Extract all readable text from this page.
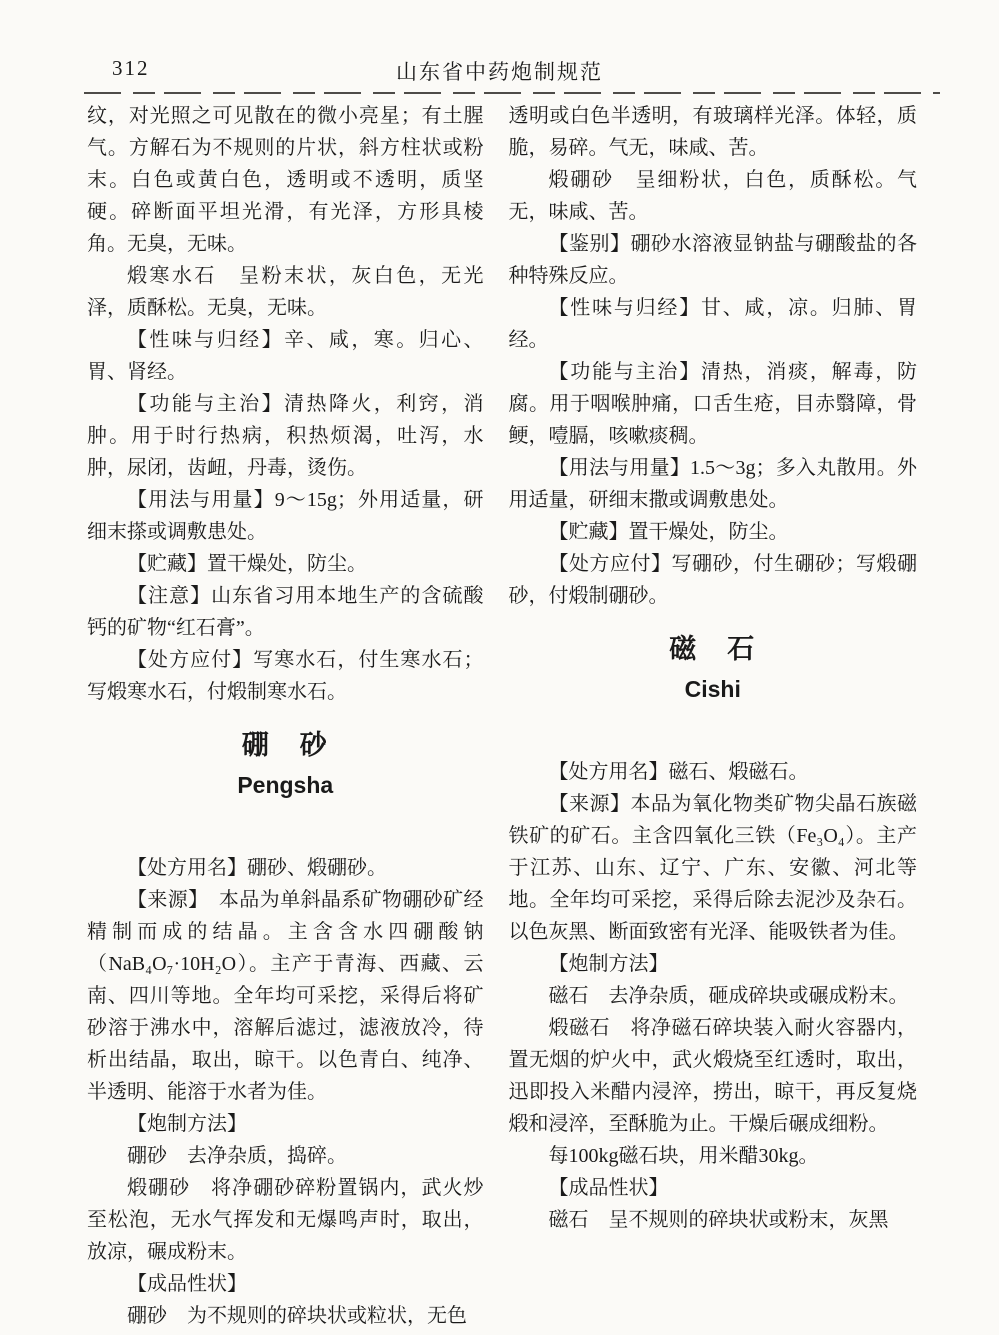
312	山东省中药炮制规范
纹，对光照之可见散在的微小亮星；有土腥气。方解石为不规则的片状，斜方柱状或粉末。白色或黄白色，透明或不透明，质坚硬。碎断面平坦光滑，有光泽，方形具棱角。无臭，无味。
煅寒水石　呈粉末状，灰白色，无光泽，质酥松。无臭，无味。
【性味与归经】辛、咸，寒。归心、胃、肾经。
【功能与主治】清热降火，利窍，消肿。用于时行热病，积热烦渴，吐泻，水肿，尿闭，齿衄，丹毒，烫伤。
【用法与用量】9～15g；外用适量，研细末搽或调敷患处。
【贮藏】置干燥处，防尘。
【注意】山东省习用本地生产的含硫酸钙的矿物“红石膏”。
【处方应付】写寒水石，付生寒水石；写煅寒水石，付煅制寒水石。
硼　砂
Pengsha
【处方用名】硼砂、煅硼砂。
【来源】　本品为单斜晶系矿物硼砂矿经精制而成的结晶。主含含水四硼酸钠（NaB₄O₇·10H₂O）。主产于青海、西藏、云南、四川等地。全年均可采挖，采得后将矿砂溶于沸水中，溶解后滤过，滤液放冷，待析出结晶，取出，晾干。以色青白、纯净、半透明、能溶于水者为佳。
【炮制方法】
硼砂　去净杂质，捣碎。
煅硼砂　将净硼砂碎粉置锅内，武火炒至松泡，无水气挥发和无爆鸣声时，取出，放凉，碾成粉末。
【成品性状】
硼砂　为不规则的碎块状或粒状，无色
透明或白色半透明，有玻璃样光泽。体轻，质脆，易碎。气无，味咸、苦。
煅硼砂　呈细粉状，白色，质酥松。气无，味咸、苦。
【鉴别】硼砂水溶液显钠盐与硼酸盐的各种特殊反应。
【性味与归经】甘、咸，凉。归肺、胃经。
【功能与主治】清热，消痰，解毒，防腐。用于咽喉肿痛，口舌生疮，目赤翳障，骨鲠，噎膈，咳嗽痰稠。
【用法与用量】1.5～3g；多入丸散用。外用适量，研细末撒或调敷患处。
【贮藏】置干燥处，防尘。
【处方应付】写硼砂，付生硼砂；写煅硼砂，付煅制硼砂。
磁　石
Cishi
【处方用名】磁石、煅磁石。
【来源】本品为氧化物类矿物尖晶石族磁铁矿的矿石。主含四氧化三铁（Fe₃O₄）。主产于江苏、山东、辽宁、广东、安徽、河北等地。全年均可采挖，采得后除去泥沙及杂石。以色灰黑、断面致密有光泽、能吸铁者为佳。
【炮制方法】
磁石　去净杂质，砸成碎块或碾成粉末。
煅磁石　将净磁石碎块装入耐火容器内，置无烟的炉火中，武火煅烧至红透时，取出，迅即投入米醋内浸淬，捞出，晾干，再反复烧煅和浸淬，至酥脆为止。干燥后碾成细粉。
每100kg磁石块，用米醋30kg。
【成品性状】
磁石　呈不规则的碎块状或粉末，灰黑
